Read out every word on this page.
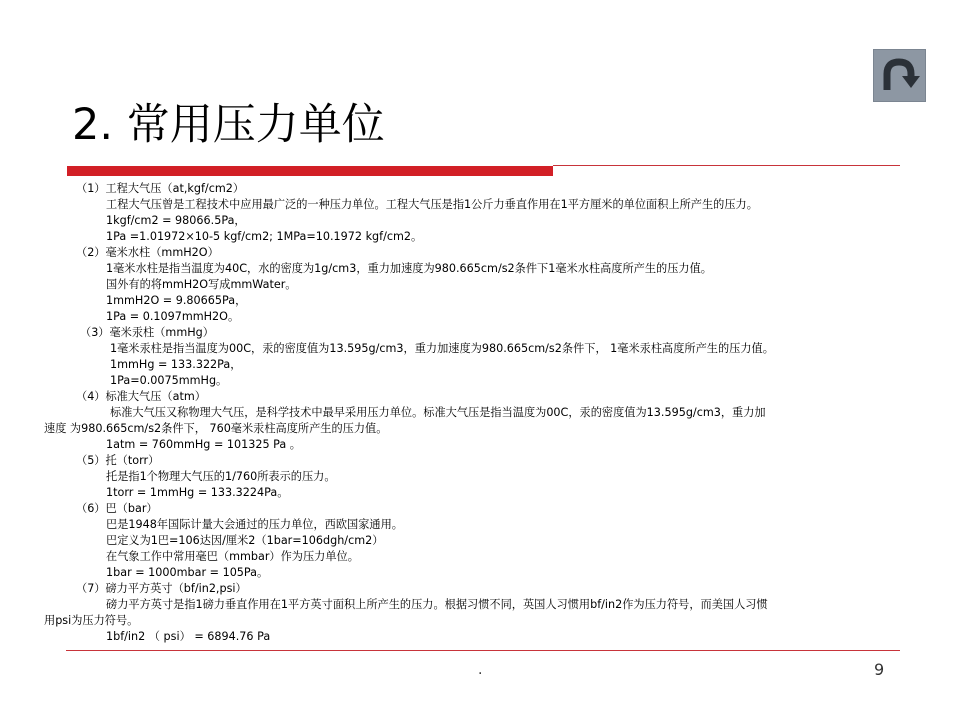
2. 常用压力单位
（1）工程大气压（at,kgf/cm2）
工程大气压曾是工程技术中应用最广泛的一种压力单位。工程大气压是指1公斤力垂直作用在1平方厘米的单位面积上所产生的压力。
1kgf/cm2 = 98066.5Pa，
1Pa =1.01972×10-5 kgf/cm2; 1MPa=10.1972 kgf/cm2。
（2）毫米水柱（mmH2O）
1毫米水柱是指当温度为40C，水的密度为1g/cm3，重力加速度为980.665cm/s2条件下1毫米水柱高度所产生的压力值。
国外有的将mmH2O写成mmWater。
1mmH2O = 9.80665Pa，
1Pa = 0.1097mmH2O。
（3）毫米汞柱（mmHg）
1毫米汞柱是指当温度为00C，汞的密度值为13.595g/cm3，重力加速度为980.665cm/s2条件下， 1毫米汞柱高度所产生的压力值。
1mmHg = 133.322Pa，
1Pa=0.0075mmHg。
（4）标准大气压（atm）
标准大气压又称物理大气压，是科学技术中最早采用压力单位。标准大气压是指当温度为00C，汞的密度值为13.595g/cm3，重力加
速度 为980.665cm/s2条件下， 760毫米汞柱高度所产生的压力值。
1atm = 760mmHg = 101325 Pa 。
（5）托（torr）
托是指1个物理大气压的1/760所表示的压力。
1torr = 1mmHg = 133.3224Pa。
（6）巴（bar）
巴是1948年国际计量大会通过的压力单位，西欧国家通用。
巴定义为1巴=106达因/厘米2（1bar=106dgh/cm2）
在气象工作中常用毫巴（mmbar）作为压力单位。
1bar = 1000mbar = 105Pa。
（7）磅力平方英寸（bf/in2,psi）
磅力平方英寸是指1磅力垂直作用在1平方英寸面积上所产生的压力。根据习惯不同，英国人习惯用bf/in2作为压力符号，而美国人习惯
用psi为压力符号。
1bf/in2 （ psi） = 6894.76 Pa
.	9
